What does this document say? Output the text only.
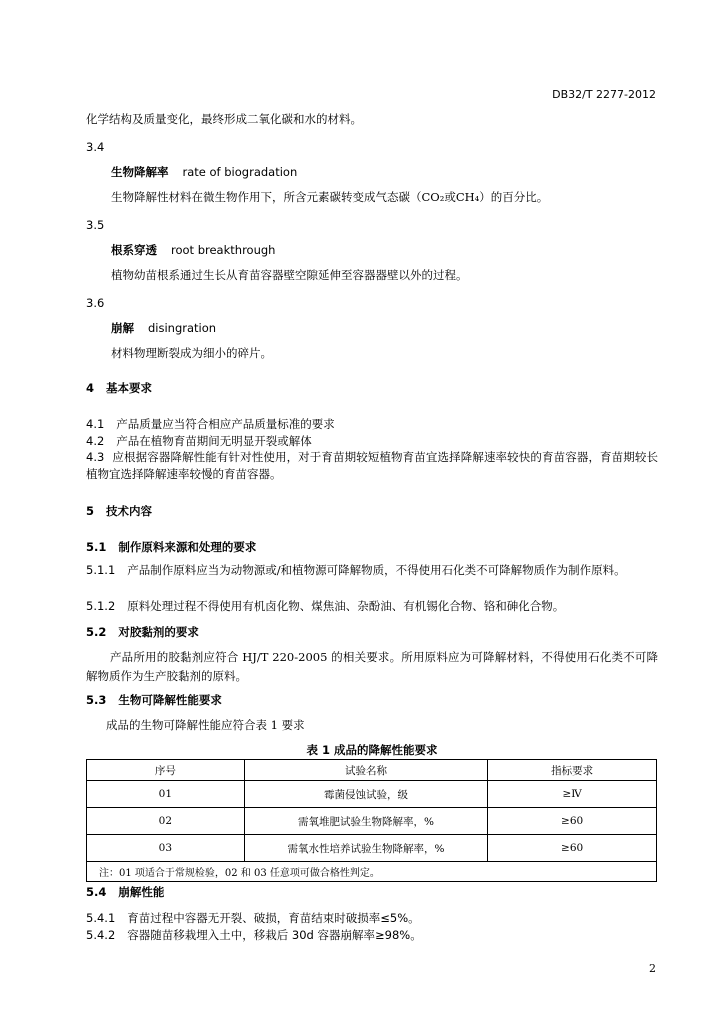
DB32/T 2277-2012
化学结构及质量变化，最终形成二氧化碳和水的材料。
3.4
生物降解率 rate of biogradation
生物降解性材料在微生物作用下，所含元素碳转变成气态碳（CO₂或CH₄）的百分比。
3.5
根系穿透 root breakthrough
植物幼苗根系通过生长从育苗容器壁空隙延伸至容器器壁以外的过程。
3.6
崩解 disingration
材料物理断裂成为细小的碎片。
4 基本要求
4.1 产品质量应当符合相应产品质量标准的要求
4.2 产品在植物育苗期间无明显开裂或解体
4.3 应根据容器降解性能有针对性使用，对于育苗期较短植物育苗宜选择降解速率较快的育苗容器，育苗期较长植物宜选择降解速率较慢的育苗容器。
5 技术内容
5.1 制作原料来源和处理的要求
5.1.1 产品制作原料应当为动物源或/和植物源可降解物质，不得使用石化类不可降解物质作为制作原料。
5.1.2 原料处理过程不得使用有机卤化物、煤焦油、杂酚油、有机锡化合物、铬和砷化合物。
5.2 对胶黏剂的要求
产品所用的胶黏剂应符合 HJ/T 220-2005 的相关要求。所用原料应为可降解材料，不得使用石化类不可降解物质作为生产胶黏剂的原料。
5.3 生物可降解性能要求
成品的生物可降解性能应符合表 1 要求
表 1 成品的降解性能要求
序号	试验名称	指标要求
01	霉菌侵蚀试验，级	≥Ⅳ
02	需氧堆肥试验生物降解率，%	≥60
03	需氧水性培养试验生物降解率，%	≥60
注：01 项适合于常规检验，02 和 03 任意项可做合格性判定。		
5.4 崩解性能
5.4.1 育苗过程中容器无开裂、破损，育苗结束时破损率≤5%。
5.4.2 容器随苗移栽埋入土中，移栽后 30d 容器崩解率≥98%。
2
